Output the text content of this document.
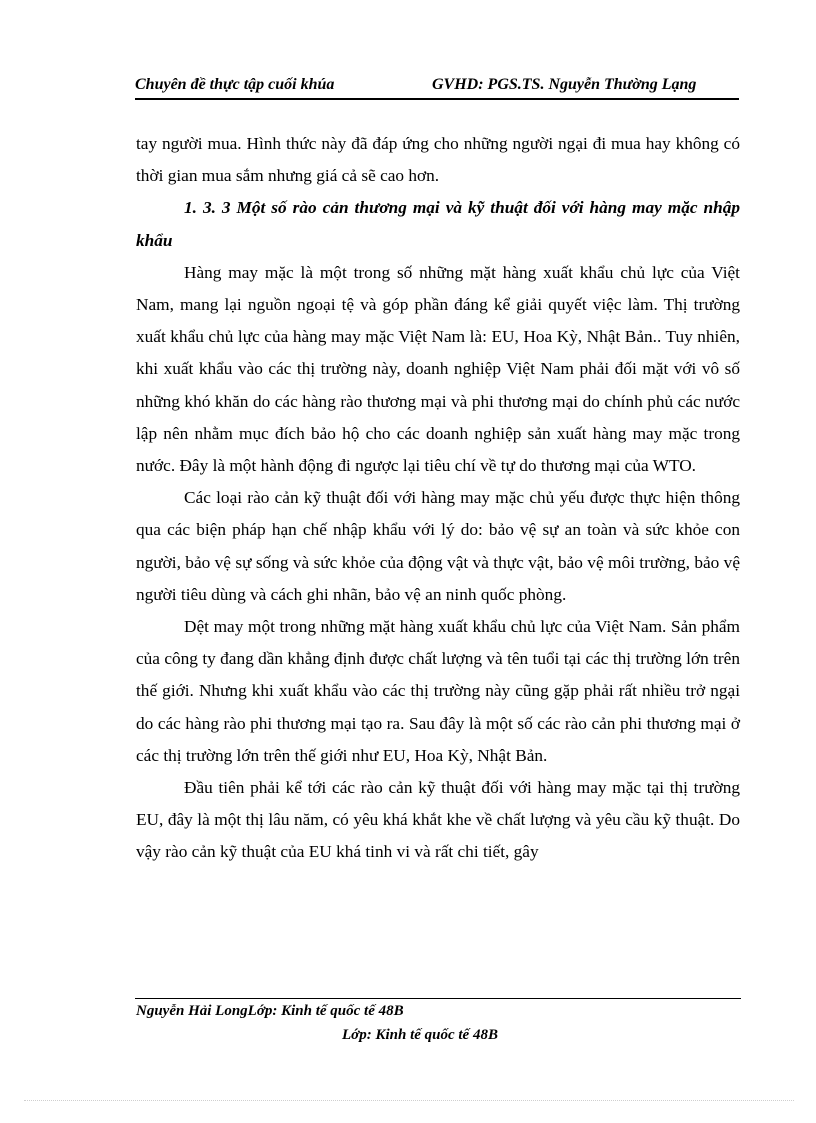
Chuyên đề thực tập cuối khúa	GVHD: PGS.TS. Nguyễn Thường Lạng

tay người mua. Hình thức này đã đáp ứng cho những người ngại đi mua hay không có thời gian mua sắm nhưng giá cả sẽ cao hơn.

1. 3. 3 Một số rào cản thương mại và kỹ thuật đối với hàng may mặc nhập khẩu

Hàng may mặc là một trong số những mặt hàng xuất khẩu chủ lực của Việt Nam, mang lại nguồn ngoại tệ và góp phần đáng kể giải quyết việc làm. Thị trường xuất khẩu chủ lực của hàng may mặc Việt Nam là: EU, Hoa Kỳ, Nhật Bản.. Tuy nhiên, khi xuất khẩu vào các thị trường này, doanh nghiệp Việt Nam phải đối mặt với vô số những khó khăn do các hàng rào thương mại và phi thương mại do chính phủ các nước lập nên nhằm mục đích bảo hộ cho các doanh nghiệp sản xuất hàng may mặc trong nước. Đây là một hành động đi ngược lại tiêu chí về tự do thương mại của WTO.

Các loại rào cản kỹ thuật đối với hàng may mặc chủ yếu được thực hiện thông qua các biện pháp hạn chế nhập khẩu với lý do: bảo vệ sự an toàn và sức khỏe con người, bảo vệ sự sống và sức khỏe của động vật và thực vật, bảo vệ môi trường, bảo vệ người tiêu dùng và cách ghi nhãn, bảo vệ an ninh quốc phòng.

Dệt may một trong những mặt hàng xuất khẩu chủ lực của Việt Nam. Sản phẩm của công ty đang dần khẳng định được chất lượng và tên tuổi tại các thị trường lớn trên thế giới. Nhưng khi xuất khẩu vào các thị trường này cũng gặp phải rất nhiều trở ngại do các hàng rào phi thương mại tạo ra. Sau đây là một số các rào cản phi thương mại ở các thị trường lớn trên thế giới như EU, Hoa Kỳ, Nhật Bản.

Đầu tiên phải kể tới các rào cản kỹ thuật đối với hàng may mặc tại thị trường EU, đây là một thị lâu năm, có yêu khá khắt khe về chất lượng và yêu cầu kỹ thuật. Do vậy rào cản kỹ thuật của EU khá tinh vi và rất chi tiết, gây

Nguyễn Hải LongLớp: Kinh tế quốc tế 48B
Lớp: Kinh tế quốc tế 48B
